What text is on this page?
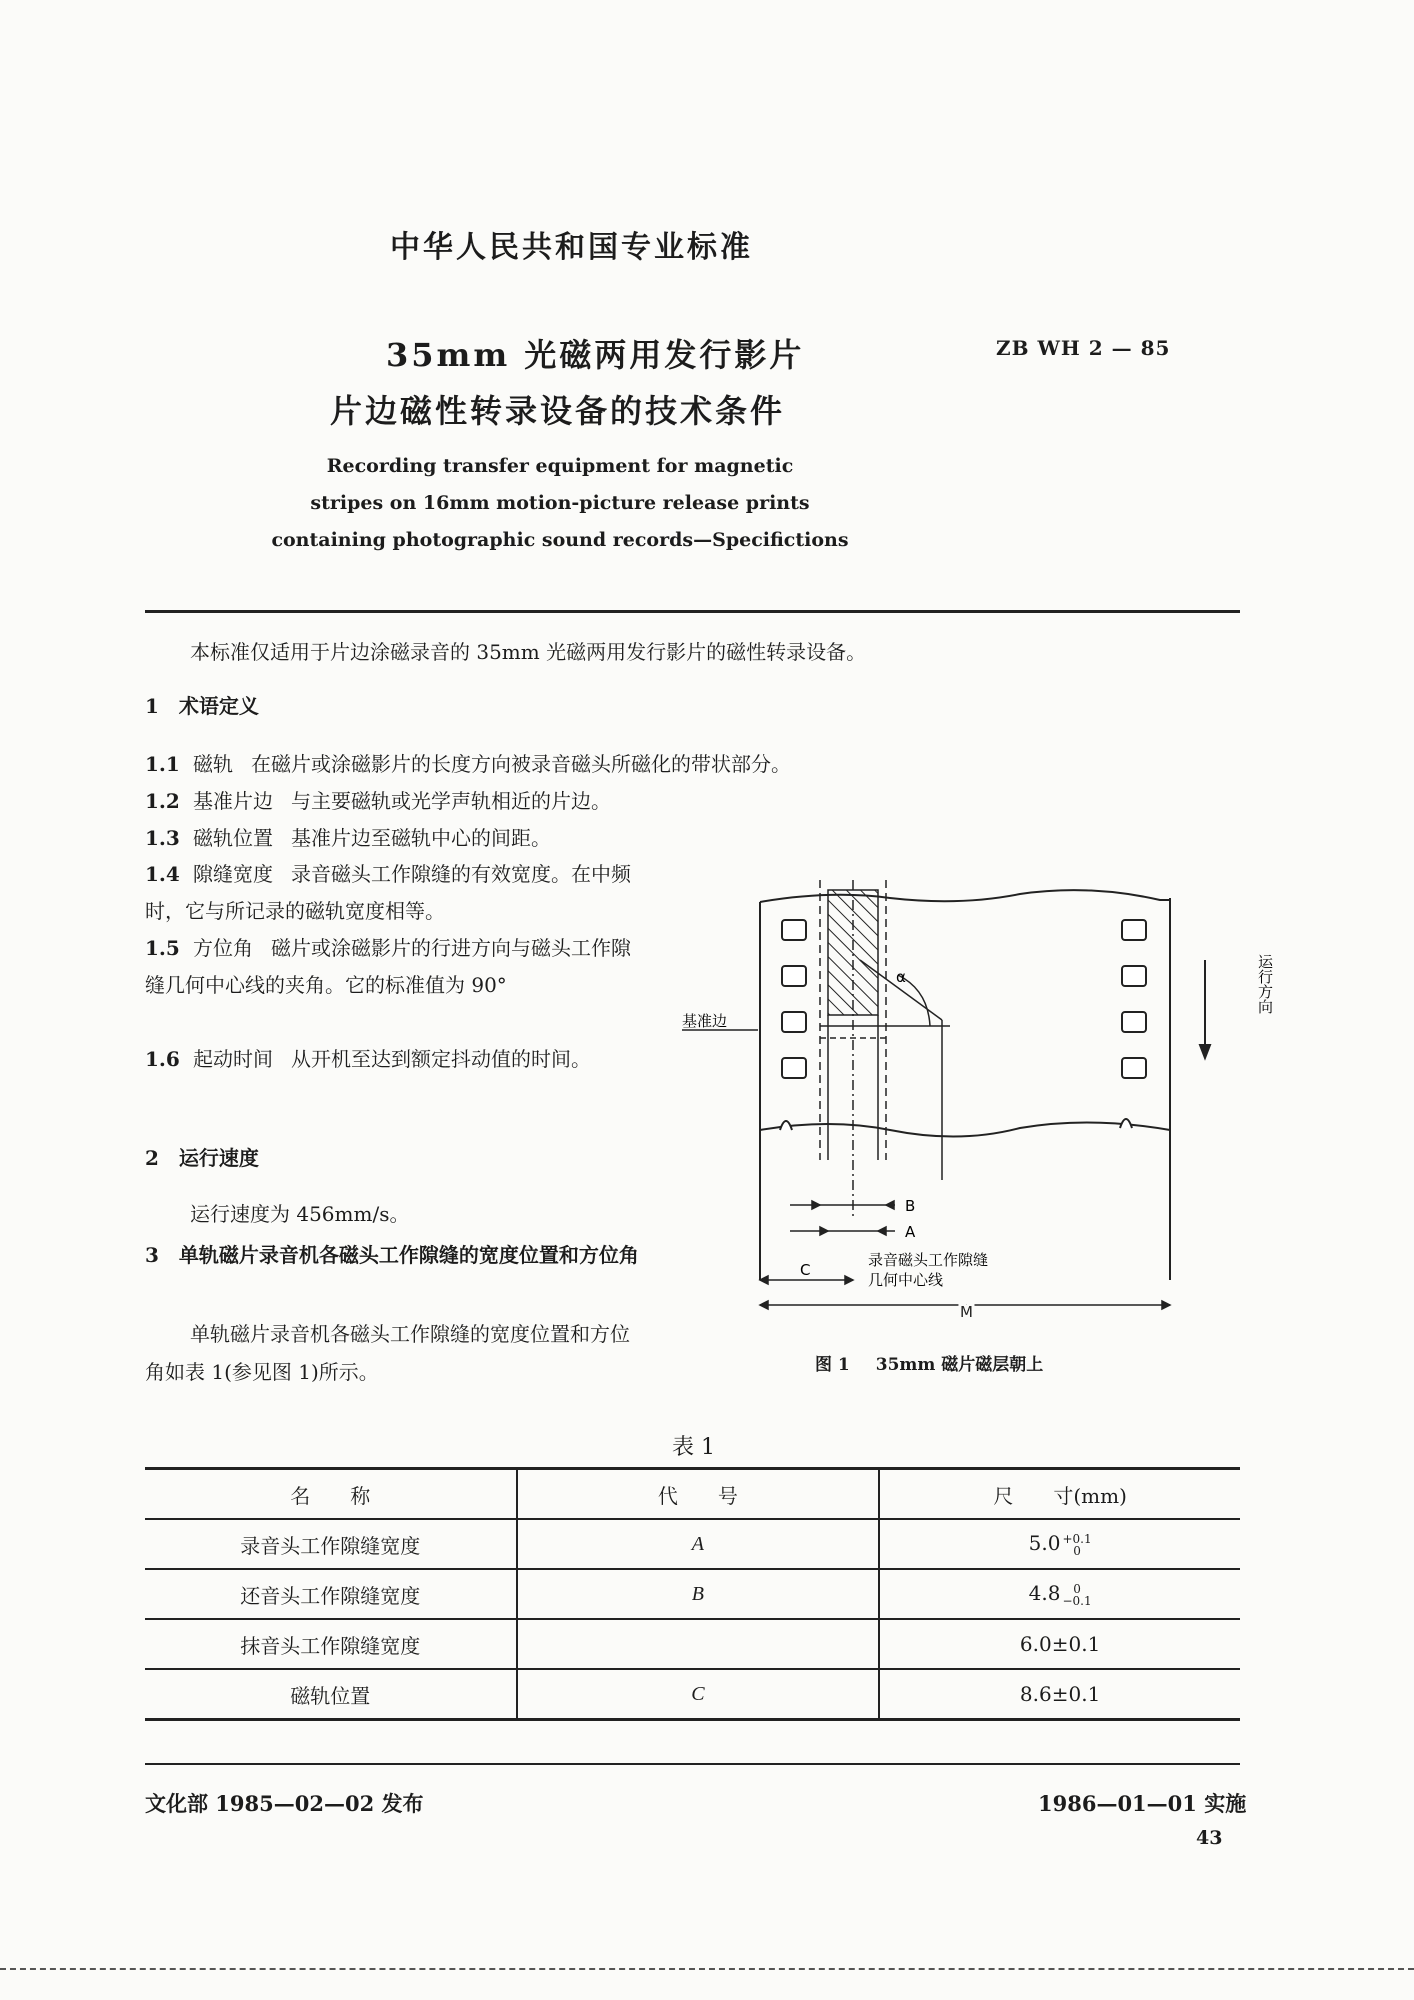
中华人民共和国专业标准
35mm 光磁两用发行影片
片边磁性转录设备的技术条件
ZB WH 2 — 85
Recording transfer equipment for magnetic
stripes on 16mm motion-picture release prints
containing photographic sound records—Specifictions
本标准仅适用于片边涂磁录音的 35mm 光磁两用发行影片的磁性转录设备。
1　术语定义
1.1 磁轨 在磁片或涂磁影片的长度方向被录音磁头所磁化的带状部分。
1.2 基准片边 与主要磁轨或光学声轨相近的片边。
1.3 磁轨位置 基准片边至磁轨中心的间距。
1.4 隙缝宽度 录音磁头工作隙缝的有效宽度。在中频时，它与所记录的磁轨宽度相等。
1.5 方位角 磁片或涂磁影片的行进方向与磁头工作隙缝几何中心线的夹角。它的标准值为 90°
1.6 起动时间 从开机至达到额定抖动值的时间。
2　运行速度
运行速度为 456mm/s。
3　单轨磁片录音机各磁头工作隙缝的宽度位置和方位角
单轨磁片录音机各磁头工作隙缝的宽度位置和方位角如表 1(参见图 1)所示。
α
B
A
C
M
录音磁头工作隙缝
几何中心线
基准边
运行方向
图 1 35mm 磁片磁层朝上
表 1
名　　称	代　　号	尺　　寸(mm)
录音头工作隙缝宽度	A	5.0 +0.1
0

还音头工作隙缝宽度	B	4.8 0
−0.1

抹音头工作隙缝宽度		6.0±0.1
磁轨位置	C	8.6±0.1
文化部 1985—02—02 发布	1986—01—01 实施
43
